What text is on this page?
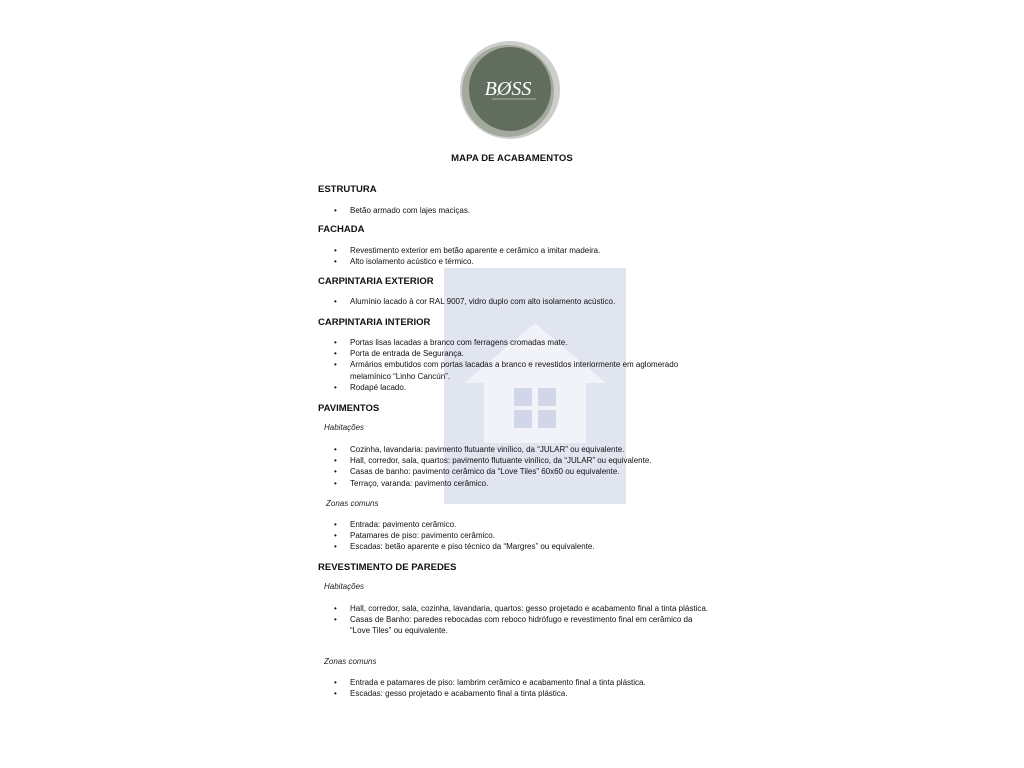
BØSS
MAPA DE ACABAMENTOS
ESTRUTURA
• Betão armado com lajes maciças.
FACHADA
• Revestimento exterior em betão aparente e cerâmico a imitar madeira.
• Alto isolamento acústico e térmico.
CARPINTARIA EXTERIOR
• Alumínio lacado à cor RAL 9007, vidro duplo com alto isolamento acústico.
CARPINTARIA INTERIOR
• Portas lisas lacadas a branco com ferragens cromadas mate.
• Porta de entrada de Segurança.
• Armários embutidos com portas lacadas a branco e revestidos interiormente em aglomerado melamínico “Linho Cancún”.
• Rodapé lacado.
PAVIMENTOS
Habitações
• Cozinha, lavandaria: pavimento flutuante vinílico, da “JULAR” ou equivalente.
• Hall, corredor, sala, quartos: pavimento flutuante vinílico, da “JULAR” ou equivalente.
• Casas de banho: pavimento cerâmico da “Love Tiles” 60x60 ou equivalente.
• Terraço, varanda: pavimento cerâmico.
Zonas comuns
• Entrada: pavimento cerâmico.
• Patamares de piso: pavimento cerâmico.
• Escadas: betão aparente e piso técnico da “Margres” ou equivalente.
REVESTIMENTO DE PAREDES
Habitações
• Hall, corredor, sala, cozinha, lavandaria, quartos: gesso projetado e acabamento final a tinta plástica.
• Casas de Banho: paredes rebocadas com reboco hidrófugo e revestimento final em cerâmico da “Love Tiles” ou equivalente.
Zonas comuns
• Entrada e patamares de piso: lambrim cerâmico e acabamento final a tinta plástica.
• Escadas: gesso projetado e acabamento final a tinta plástica.
